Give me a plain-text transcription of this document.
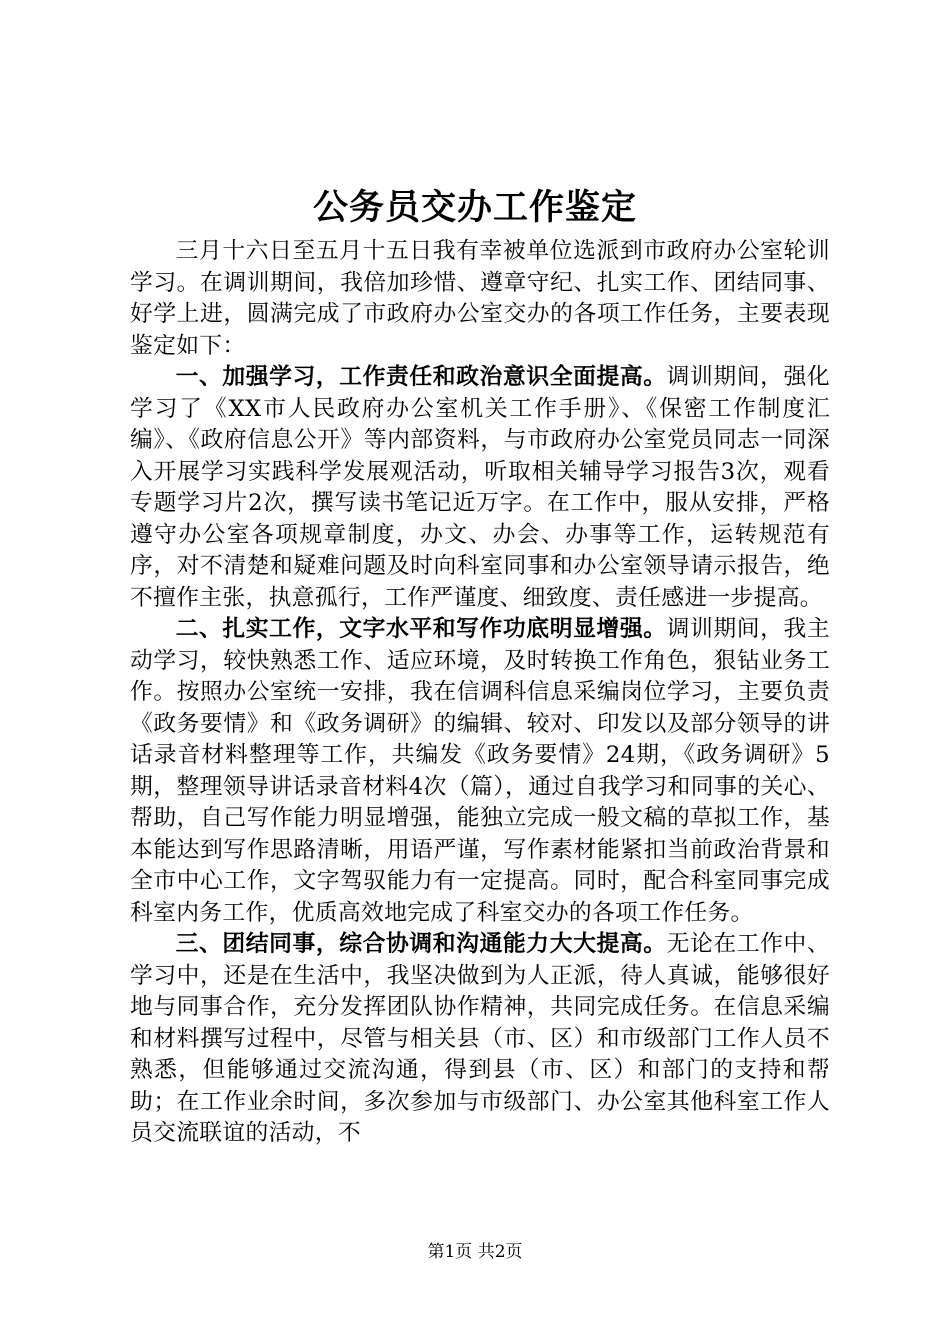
公务员交办工作鉴定

三月十六日至五月十五日我有幸被单位选派到市政府办公室轮训学习。在调训期间，我倍加珍惜、遵章守纪、扎实工作、团结同事、好学上进，圆满完成了市政府办公室交办的各项工作任务，主要表现鉴定如下：

一、加强学习，工作责任和政治意识全面提高。调训期间，强化学习了《XX市人民政府办公室机关工作手册》、《保密工作制度汇编》、《政府信息公开》等内部资料，与市政府办公室党员同志一同深入开展学习实践科学发展观活动，听取相关辅导学习报告3次，观看专题学习片2次，撰写读书笔记近万字。在工作中，服从安排，严格遵守办公室各项规章制度，办文、办会、办事等工作，运转规范有序，对不清楚和疑难问题及时向科室同事和办公室领导请示报告，绝不擅作主张，执意孤行，工作严谨度、细致度、责任感进一步提高。

二、扎实工作，文字水平和写作功底明显增强。调训期间，我主动学习，较快熟悉工作、适应环境，及时转换工作角色，狠钻业务工作。按照办公室统一安排，我在信调科信息采编岗位学习，主要负责《政务要情》和《政务调研》的编辑、较对、印发以及部分领导的讲话录音材料整理等工作，共编发《政务要情》24期，《政务调研》5期，整理领导讲话录音材料4次（篇），通过自我学习和同事的关心、帮助，自己写作能力明显增强，能独立完成一般文稿的草拟工作，基本能达到写作思路清晰，用语严谨，写作素材能紧扣当前政治背景和全市中心工作，文字驾驭能力有一定提高。同时，配合科室同事完成科室内务工作，优质高效地完成了科室交办的各项工作任务。

三、团结同事，综合协调和沟通能力大大提高。无论在工作中、学习中，还是在生活中，我坚决做到为人正派，待人真诚，能够很好地与同事合作，充分发挥团队协作精神，共同完成任务。在信息采编和材料撰写过程中，尽管与相关县（市、区）和市级部门工作人员不熟悉，但能够通过交流沟通，得到县（市、区）和部门的支持和帮助；在工作业余时间，多次参加与市级部门、办公室其他科室工作人员交流联谊的活动，不

第1页 共2页
